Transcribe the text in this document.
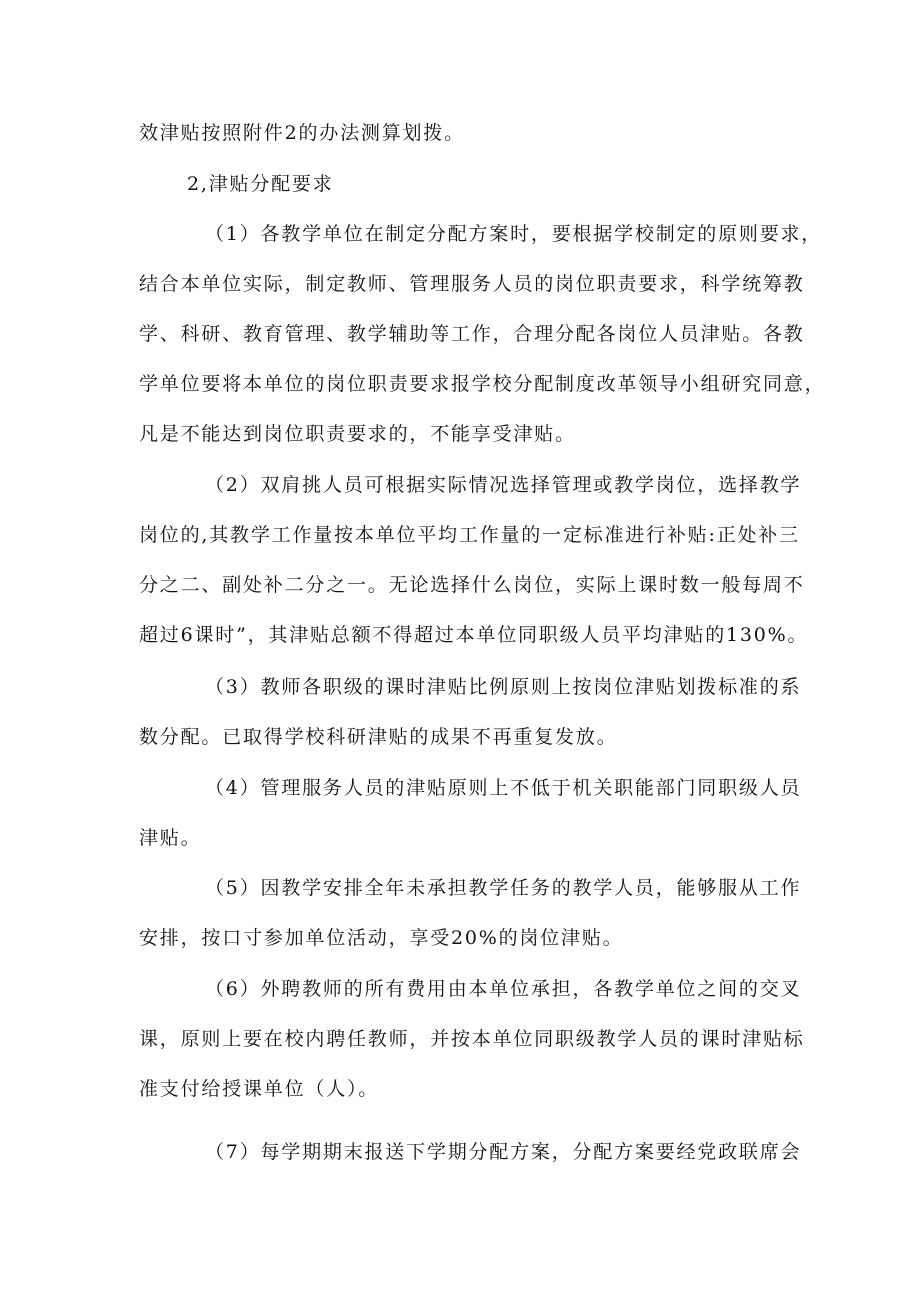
效津贴按照附件2的办法测算划拨。
2,津贴分配要求
（1）各教学单位在制定分配方案时，要根据学校制定的原则要求，
结合本单位实际，制定教师、管理服务人员的岗位职责要求，科学统筹教
学、科研、教育管理、教学辅助等工作，合理分配各岗位人员津贴。各教
学单位要将本单位的岗位职责要求报学校分配制度改革领导小组研究同意，
凡是不能达到岗位职责要求的，不能享受津贴。
（2）双肩挑人员可根据实际情况选择管理或教学岗位，选择教学
岗位的,其教学工作量按本单位平均工作量的一定标准进行补贴:正处补三
分之二、副处补二分之一。无论选择什么岗位，实际上课时数一般每周不
超过6课时”，其津贴总额不得超过本单位同职级人员平均津贴的130%。
（3）教师各职级的课时津贴比例原则上按岗位津贴划拨标准的系
数分配。已取得学校科研津贴的成果不再重复发放。
（4）管理服务人员的津贴原则上不低于机关职能部门同职级人员
津贴。
（5）因教学安排全年未承担教学任务的教学人员，能够服从工作
安排，按口寸参加单位活动，享受20%的岗位津贴。
（6）外聘教师的所有费用由本单位承担，各教学单位之间的交叉
课，原则上要在校内聘任教师，并按本单位同职级教学人员的课时津贴标
准支付给授课单位（人）。
（7）每学期期末报送下学期分配方案，分配方案要经党政联席会
